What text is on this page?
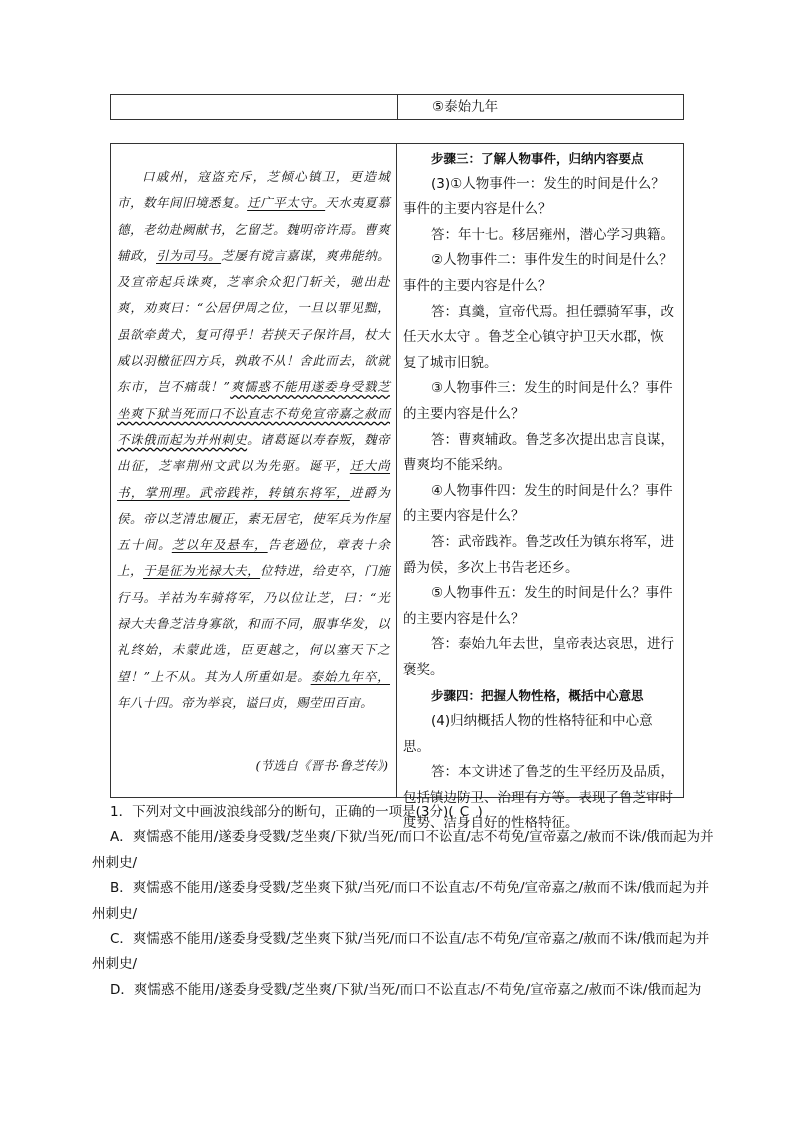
⑤泰始九年

口戚州，寇盗充斥，芝倾心镇卫，更造城市，数年间旧境悉复。迁广平太守。天水夷夏慕德，老幼赴阙献书，乞留芝。魏明帝许焉。曹爽辅政，引为司马。芝屡有谠言嘉谋，爽弗能纳。及宣帝起兵诛爽，芝率余众犯门斩关，驰出赴爽，劝爽曰：“公居伊周之位，一旦以罪见黜，虽欲牵黄犬，复可得乎！若挟天子保许昌，杖大威以羽檄征四方兵，孰敢不从！舍此而去，欲就东市，岂不痛哉！”爽懦惑不能用遂委身受戮芝坐爽下狱当死而口不讼直志不苟免宣帝嘉之赦而不诛俄而起为并州刺史。诸葛诞以寿春叛，魏帝出征，芝率荆州文武以为先驱。诞平，迁大尚书，掌刑理。武帝践祚，转镇东将军，进爵为侯。帝以芝清忠履正，素无居宅，使军兵为作屋五十间。芝以年及悬车，告老逊位，章表十余上，于是征为光禄大夫，位特进，给吏卒，门施行马。羊祜为车骑将军，乃以位让芝，曰：“光禄大夫鲁芝洁身寡欲，和而不同，服事华发，以礼终始，未蒙此选，臣更越之，何以塞天下之望！”上不从。其为人所重如是。泰始九年卒，年八十四。帝为举哀，谥曰贞，赐茔田百亩。

(节选自《晋书·鲁芝传》)

步骤三：了解人物事件，归纳内容要点

(3)①人物事件一：发生的时间是什么？事件的主要内容是什么？

答：年十七。移居雍州，潜心学习典籍。

②人物事件二：事件发生的时间是什么？事件的主要内容是什么？

答：真羹，宣帝代焉。担任骠骑军事，改任天水太守 。鲁芝全心镇守护卫天水郡，恢复了城市旧貌。

③人物事件三：发生的时间是什么？事件的主要内容是什么？

答：曹爽辅政。鲁芝多次提出忠言良谋，曹爽均不能采纳。

④人物事件四：发生的时间是什么？事件的主要内容是什么？

答：武帝践祚。鲁芝改任为镇东将军，进爵为侯，多次上书告老还乡。

⑤人物事件五：发生的时间是什么？事件的主要内容是什么？

答：泰始九年去世，皇帝表达哀思，进行褒奖。

步骤四：把握人物性格，概括中心意思

(4)归纳概括人物的性格特征和中心意思。

答：本文讲述了鲁芝的生平经历及品质，包括镇边防卫、治理有方等。表现了鲁芝审时度势、洁身自好的性格特征。

1．下列对文中画波浪线部分的断句，正确的一项是(3分)( C )

A．爽懦惑不能用/遂委身受戮/芝坐爽/下狱/当死/而口不讼直/志不苟免/宣帝嘉之/赦而不诛/俄而起为并州刺史/

B．爽懦惑不能用/遂委身受戮/芝坐爽下狱/当死/而口不讼直志/不苟免/宣帝嘉之/赦而不诛/俄而起为并州刺史/

C．爽懦惑不能用/遂委身受戮/芝坐爽下狱/当死/而口不讼直/志不苟免/宣帝嘉之/赦而不诛/俄而起为并州刺史/

D．爽懦惑不能用/遂委身受戮/芝坐爽/下狱/当死/而口不讼直志/不苟免/宣帝嘉之/赦而不诛/俄而起为
